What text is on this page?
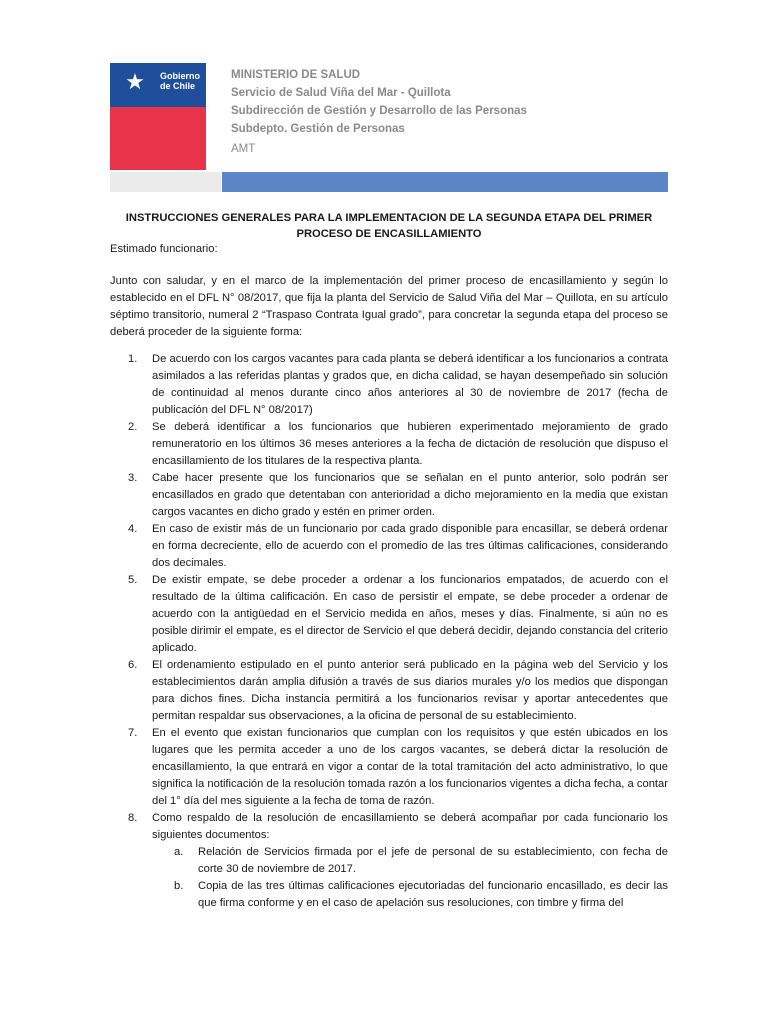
★	Gobierno
de Chile
MINISTERIO DE SALUD
Servicio de Salud Viña del Mar - Quillota
Subdirección de Gestión y Desarrollo de las Personas
Subdepto. Gestión de Personas
AMT
INSTRUCCIONES GENERALES PARA LA IMPLEMENTACION DE LA SEGUNDA ETAPA DEL PRIMER PROCESO DE ENCASILLAMIENTO
Estimado funcionario:
Junto con saludar, y en el marco de la implementación del primer proceso de encasillamiento y según lo establecido en el DFL N° 08/2017, que fija la planta del Servicio de Salud Viña del Mar – Quillota, en su artículo séptimo transitorio, numeral 2 “Traspaso Contrata Igual grado”, para concretar la segunda etapa del proceso se deberá proceder de la siguiente forma:
1. De acuerdo con los cargos vacantes para cada planta se deberá identificar a los funcionarios a contrata asimilados a las referidas plantas y grados que, en dicha calidad, se hayan desempeñado sin solución de continuidad al menos durante cinco años anteriores al 30 de noviembre de 2017 (fecha de publicación del DFL N° 08/2017)
2. Se deberá identificar a los funcionarios que hubieren experimentado mejoramiento de grado remuneratorio en los últimos 36 meses anteriores a la fecha de dictación de resolución que dispuso el encasillamiento de los titulares de la respectiva planta.
3. Cabe hacer presente que los funcionarios que se señalan en el punto anterior, solo podrán ser encasillados en grado que detentaban con anterioridad a dicho mejoramiento en la media que existan cargos vacantes en dicho grado y estén en primer orden.
4. En caso de existir más de un funcionario por cada grado disponible para encasillar, se deberá ordenar en forma decreciente, ello de acuerdo con el promedio de las tres últimas calificaciones, considerando dos decimales.
5. De existir empate, se debe proceder a ordenar a los funcionarios empatados, de acuerdo con el resultado de la última calificación. En caso de persistir el empate, se debe proceder a ordenar de acuerdo con la antigüedad en el Servicio medida en años, meses y días. Finalmente, si aún no es posible dirimir el empate, es el director de Servicio el que deberá decidir, dejando constancia del criterio aplicado.
6. El ordenamiento estipulado en el punto anterior será publicado en la página web del Servicio y los establecimientos darán amplia difusión a través de sus diarios murales y/o los medios que dispongan para dichos fines. Dicha instancia permitirá a los funcionarios revisar y aportar antecedentes que permitan respaldar sus observaciones, a la oficina de personal de su establecimiento.
7. En el evento que existan funcionarios que cumplan con los requisitos y que estén ubicados en los lugares que les permita acceder a uno de los cargos vacantes, se deberá dictar la resolución de encasillamiento, la que entrará en vigor a contar de la total tramitación del acto administrativo, lo que significa la notificación de la resolución tomada razón a los funcionarios vigentes a dicha fecha, a contar del 1° día del mes siguiente a la fecha de toma de razón.
8. Como respaldo de la resolución de encasillamiento se deberá acompañar por cada funcionario los siguientes documentos:
a. Relación de Servicios firmada por el jefe de personal de su establecimiento, con fecha de corte 30 de noviembre de 2017.
b. Copia de las tres últimas calificaciones ejecutoriadas del funcionario encasillado, es decir las que firma conforme y en el caso de apelación sus resoluciones, con timbre y firma del
